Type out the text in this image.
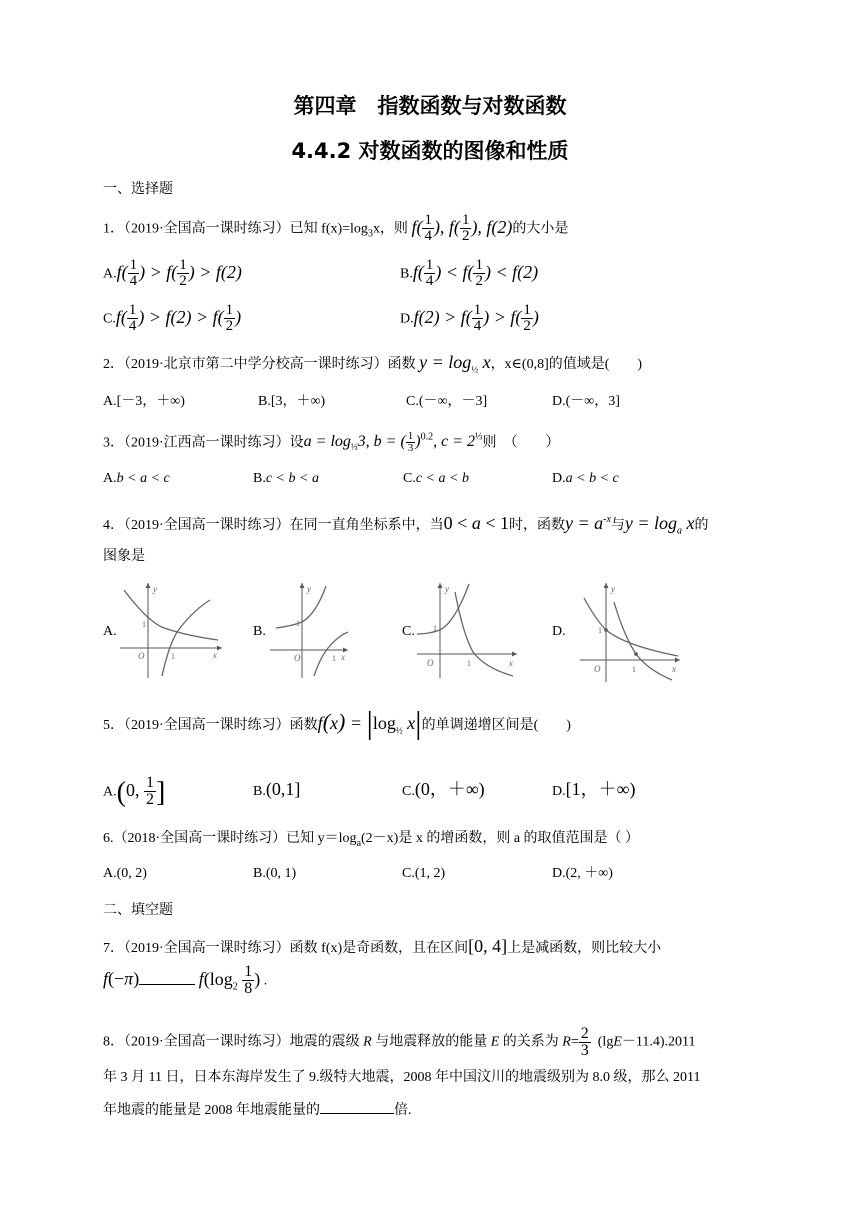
第四章　指数函数与对数函数
4.4.2 对数函数的图像和性质
一、选择题
1．（2019·全国高一课时练习）已知 $f(x)=\log_3x$，则 $f( \frac{1}{4}$ ), $f( \frac{1}{2}$ ), f(2)的大小是
$A.f( \frac{1}{4}$ ) > $f( \frac{1}{2}$ ) > f(2)	$B.f( \frac{1}{4}$ ) < $f( \frac{1}{2}$ ) < f(2)
$C.f( \frac{1}{4}$ ) > $f(2) > f( \frac{1}{2}$ )	$D.f(2) > f( \frac{1}{4}$ ) > $f( \frac{1}{2}$ )
2．（2019·北京市第二中学分校高一课时练习）函数 $y = \log_{\frac{1}{2}} x$，x∈(0,8]的值域是(　　)
A.[－3，＋∞)	B.[3，＋∞)	C.(－∞，－3]	D.(－∞，3]
3．（2019·江西高一课时练习）设$a = \log_{\frac{1}{3}}3$, b = ( $\frac{1}{3} )^{0.2}$, $c = 2^{\frac{1}{3}}$则　（　　）
A.b < a < c	B.c < b < a	C.c < a < b	D.a < b < c
4．（2019·全国高一课时练习）在同一直角坐标系中，当0 < a < 1时，函数$y = a^{-x}$与$y = \log_a x$的
图象是
A.
y
x
O
1
1
B.
y
x
O
1
1
C.
y
x
O
1
1
D.
y
x
O
1
1
5．（2019·全国高一课时练习）函数$f(x) = |\log_{\frac{1}{2}}$ x|的单调递增区间是(　　)
A.(0, $\frac{1}{2}$ ]	B.(0,1]	C.(0，＋∞)	D.[1，＋∞)
6.（2018·全国高一课时练习）已知 $y=\log_a(2-x)$是 x 的增函数，则 a 的取值范围是（ ）
A.(0, 2)	B.(0, 1)	C.(1, 2)	D.(2, ＋∞)
二、填空题
7．（2019·全国高一课时练习）函数 f(x)是奇函数，且在区间[0, 4]上是减函数，则比较大小
f(−π)	$f(\log_2 \frac{1}{8}$ ) .
8．（2019·全国高一课时练习）地震的震级 R 与地震释放的能量 E 的关系为 $R= \frac{2}{3} (\lg E-11.4).2011$
年 3 月 11 日，日本东海岸发生了 9.级特大地震，2008 年中国汶川的地震级别为 8.0 级，那么 2011
年地震的能量是 2008 年地震能量的	倍.
